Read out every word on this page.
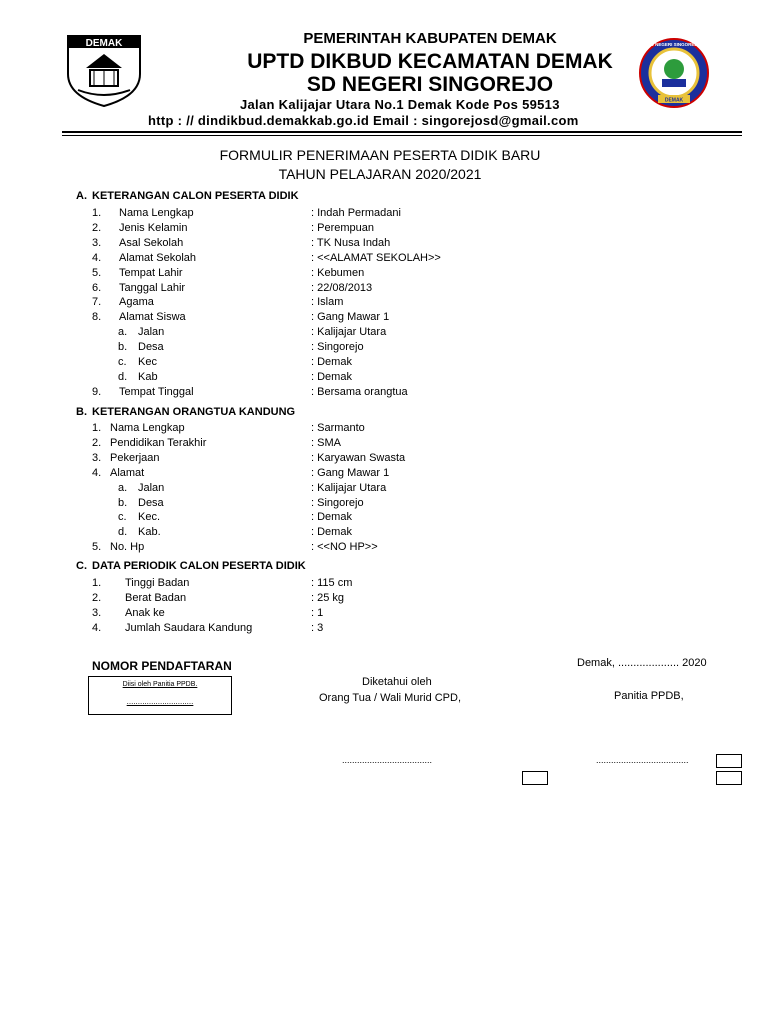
DEMAK
DEMAK
SD NEGERI SINGOREJO
PEMERINTAH KABUPATEN DEMAK
UPTD DIKBUD KECAMATAN DEMAK
SD NEGERI SINGOREJO
Jalan Kalijajar Utara No.1 Demak Kode Pos 59513
http : // dindikbud.demakkab.go.id Email : singorejosd@gmail.com
FORMULIR PENERIMAAN PESERTA DIDIK BARU
TAHUN PELAJARAN 2020/2021
A. KETERANGAN CALON PESERTA DIDIK
1. Nama Lengkap	: Indah Permadani
2. Jenis Kelamin	: Perempuan
3. Asal Sekolah	: TK Nusa Indah
4. Alamat Sekolah	: <<ALAMAT SEKOLAH>>
5. Tempat Lahir	: Kebumen
6. Tanggal Lahir	: 22/08/2013
7. Agama	: Islam
8. Alamat Siswa	: Gang Mawar 1
a. Jalan	: Kalijajar Utara
b. Desa	: Singorejo
c. Kec	: Demak
d. Kab	: Demak
9. Tempat Tinggal	: Bersama orangtua
B. KETERANGAN ORANGTUA KANDUNG
1. Nama Lengkap	: Sarmanto
2. Pendidikan Terakhir	: SMA
3. Pekerjaan	: Karyawan Swasta
4. Alamat	: Gang Mawar 1
a. Jalan	: Kalijajar Utara
b. Desa	: Singorejo
c. Kec.	: Demak
d. Kab.	: Demak
5. No. Hp	: <<NO HP>>
C. DATA PERIODIK CALON PESERTA DIDIK
1. Tinggi Badan	: 115 cm
2. Berat Badan	: 25 kg
3. Anak ke	: 1
4. Jumlah Saudara Kandung	: 3
NOMOR PENDAFTARAN
Diisi oleh Panitia PPDB.
..............................
Demak, .................... 2020
Diketahui oleh
Orang Tua / Wali Murid CPD,	Panitia PPDB,
....................................	.....................................
